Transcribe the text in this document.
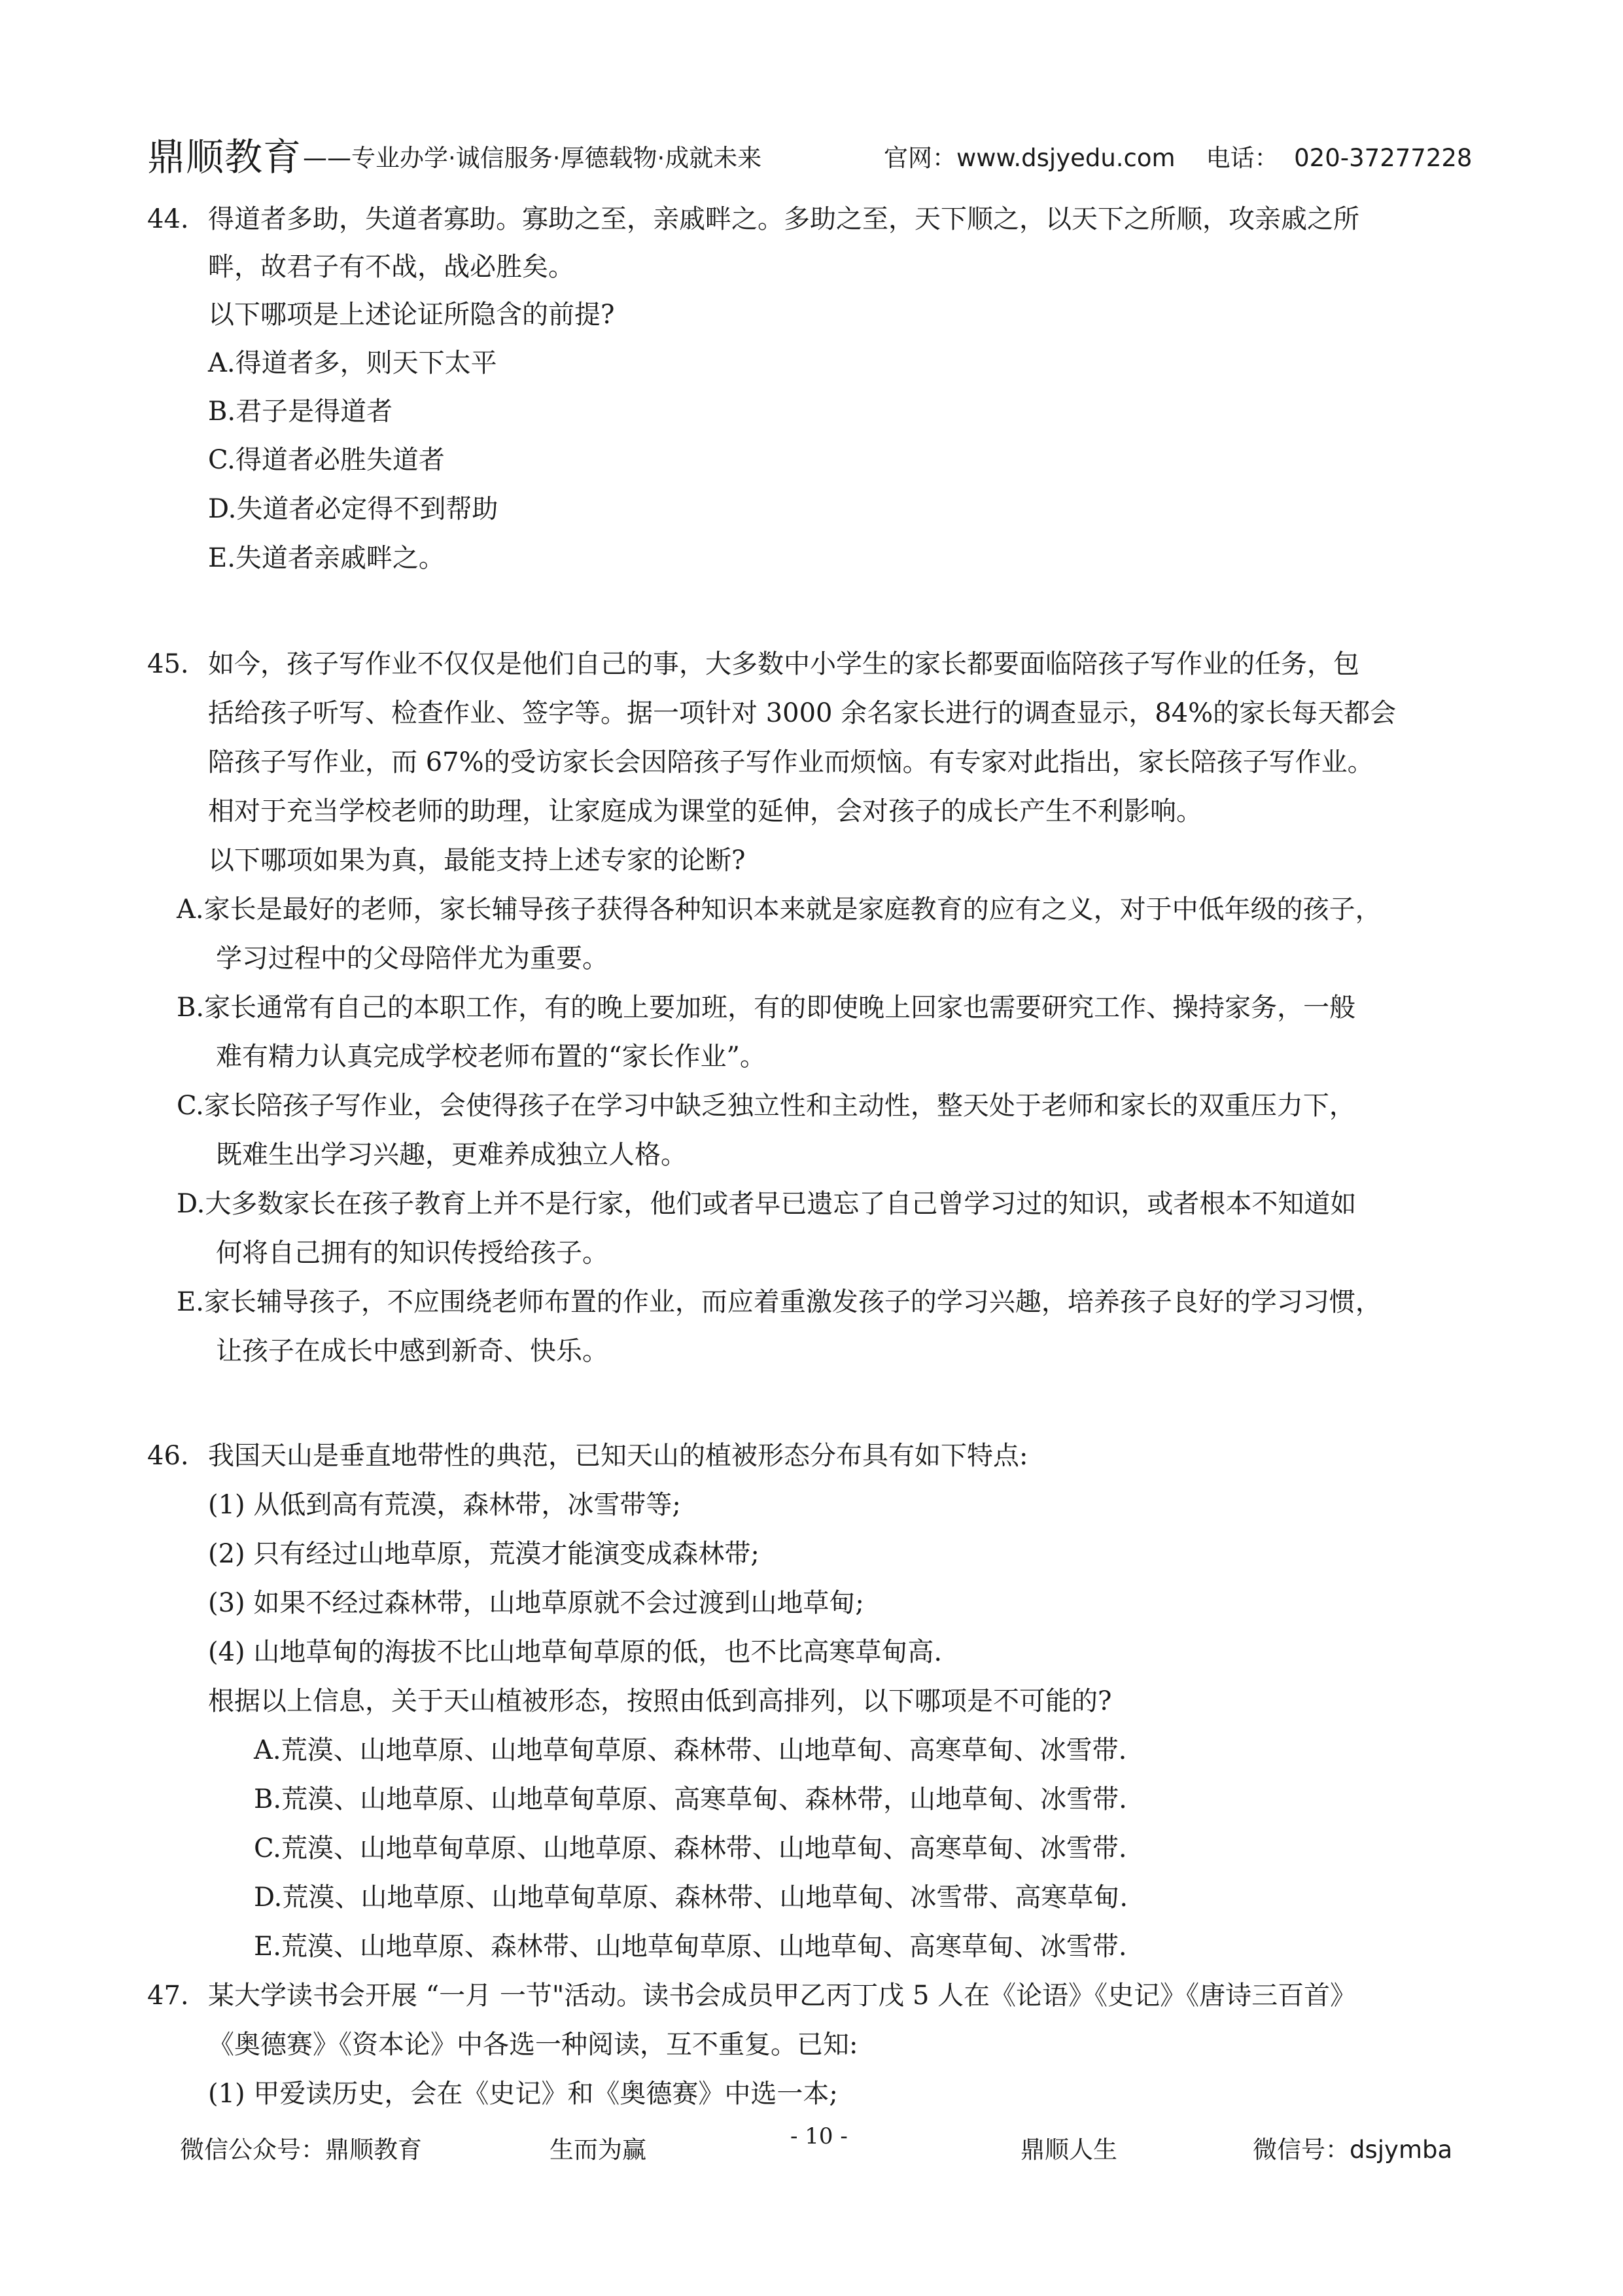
鼎顺教育 ——专业办学·诚信服务·厚德载物·成就未来	官网：www.dsjyedu.com    电话：  020-37277228
44. 得道者多助，失道者寡助。寡助之至，亲戚畔之。多助之至，天下顺之，以天下之所顺，攻亲戚之所
畔，故君子有不战，战必胜矣。
以下哪项是上述论证所隐含的前提?
A.得道者多，则天下太平
B.君子是得道者
C.得道者必胜失道者
D.失道者必定得不到帮助
E.失道者亲戚畔之。
45. 如今，孩子写作业不仅仅是他们自己的事，大多数中小学生的家长都要面临陪孩子写作业的任务，包
括给孩子听写、检查作业、签字等。据一项针对 3000 余名家长进行的调查显示，84%的家长每天都会
陪孩子写作业，而 67%的受访家长会因陪孩子写作业而烦恼。有专家对此指出，家长陪孩子写作业。
相对于充当学校老师的助理，让家庭成为课堂的延伸，会对孩子的成长产生不利影响。
以下哪项如果为真，最能支持上述专家的论断?
A.家长是最好的老师，家长辅导孩子获得各种知识本来就是家庭教育的应有之义，对于中低年级的孩子，
学习过程中的父母陪伴尤为重要。
B.家长通常有自己的本职工作，有的晚上要加班，有的即使晚上回家也需要研究工作、操持家务，一般
难有精力认真完成学校老师布置的“家长作业”。
C.家长陪孩子写作业，会使得孩子在学习中缺乏独立性和主动性，整天处于老师和家长的双重压力下，
既难生出学习兴趣，更难养成独立人格。
D.大多数家长在孩子教育上并不是行家，他们或者早已遗忘了自己曾学习过的知识，或者根本不知道如
何将自己拥有的知识传授给孩子。
E.家长辅导孩子，不应围绕老师布置的作业，而应着重激发孩子的学习兴趣，培养孩子良好的学习习惯，
让孩子在成长中感到新奇、快乐。
46. 我国天山是垂直地带性的典范，已知天山的植被形态分布具有如下特点:
(1) 从低到高有荒漠，森林带，冰雪带等;
(2) 只有经过山地草原，荒漠才能演变成森林带;
(3) 如果不经过森林带，山地草原就不会过渡到山地草甸;
(4) 山地草甸的海拔不比山地草甸草原的低，也不比高寒草甸高.
根据以上信息，关于天山植被形态，按照由低到高排列，以下哪项是不可能的?
A.荒漠、山地草原、山地草甸草原、森林带、山地草甸、高寒草甸、冰雪带.
B.荒漠、山地草原、山地草甸草原、高寒草甸、森林带，山地草甸、冰雪带.
C.荒漠、山地草甸草原、山地草原、森林带、山地草甸、高寒草甸、冰雪带.
D.荒漠、山地草原、山地草甸草原、森林带、山地草甸、冰雪带、高寒草甸.
E.荒漠、山地草原、森林带、山地草甸草原、山地草甸、高寒草甸、冰雪带.
47. 某大学读书会开展 “一月 一节"活动。读书会成员甲乙丙丁戊 5 人在《论语》《史记》《唐诗三百首》
《奥德赛》《资本论》中各选一种阅读，互不重复。已知:
(1) 甲爱读历史，会在《史记》和《奥德赛》中选一本;
微信公众号：鼎顺教育	生而为赢	- 10 -	鼎顺人生	微信号：dsjymba
